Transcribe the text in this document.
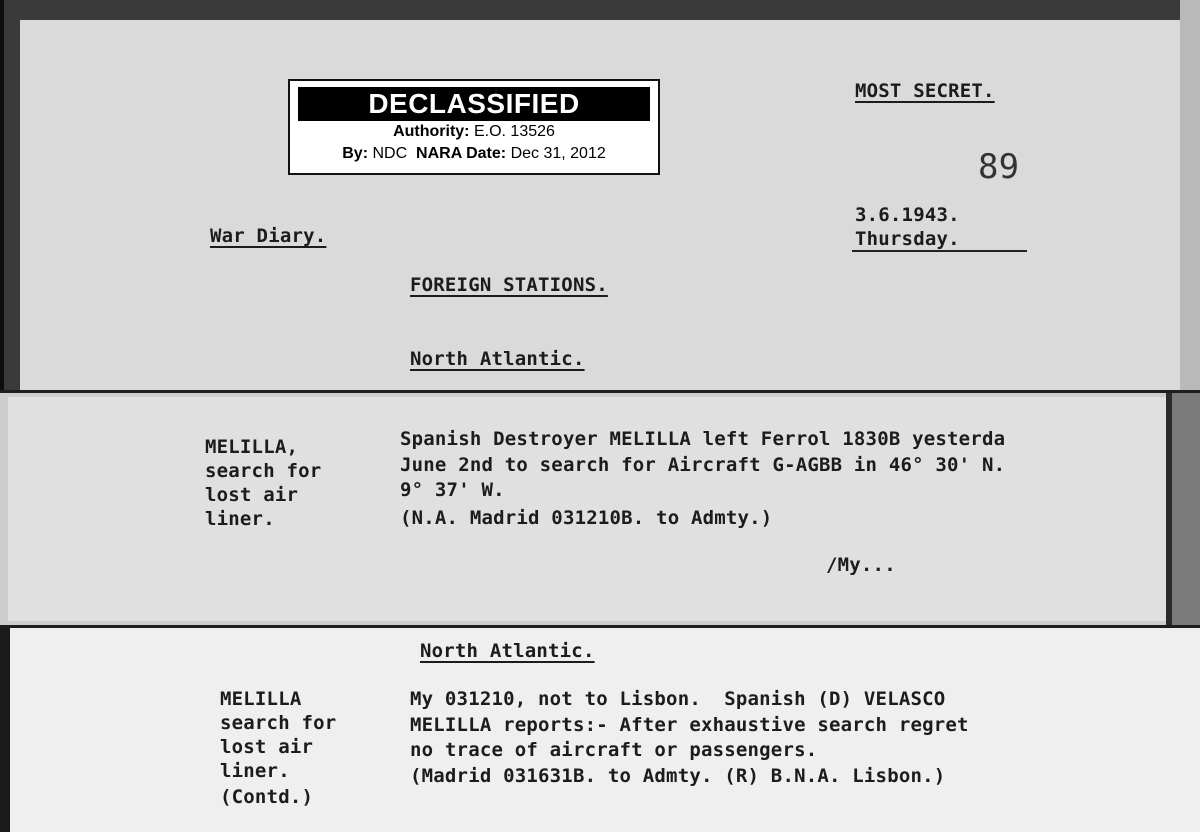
MOST SECRET.
89
3.6.1943.
Thursday.
War Diary.
FOREIGN STATIONS.
North Atlantic.
DECLASSIFIED
Authority: E.O. 13526
By: NDC NARA Date: Dec 31, 2012
MELILLA,
search for
lost air
liner.
Spanish Destroyer MELILLA left Ferrol 1830B yesterda
June 2nd to search for Aircraft G-AGBB in 46° 30' N.
9° 37' W.
(N.A. Madrid 031210B. to Admty.)
/My...
North Atlantic.
MELILLA
search for
lost air
liner.
(Contd.)
My 031210, not to Lisbon.  Spanish (D) VELASCO
MELILLA reports:- After exhaustive search regret
no trace of aircraft or passengers.
(Madrid 031631B. to Admty. (R) B.N.A. Lisbon.)
